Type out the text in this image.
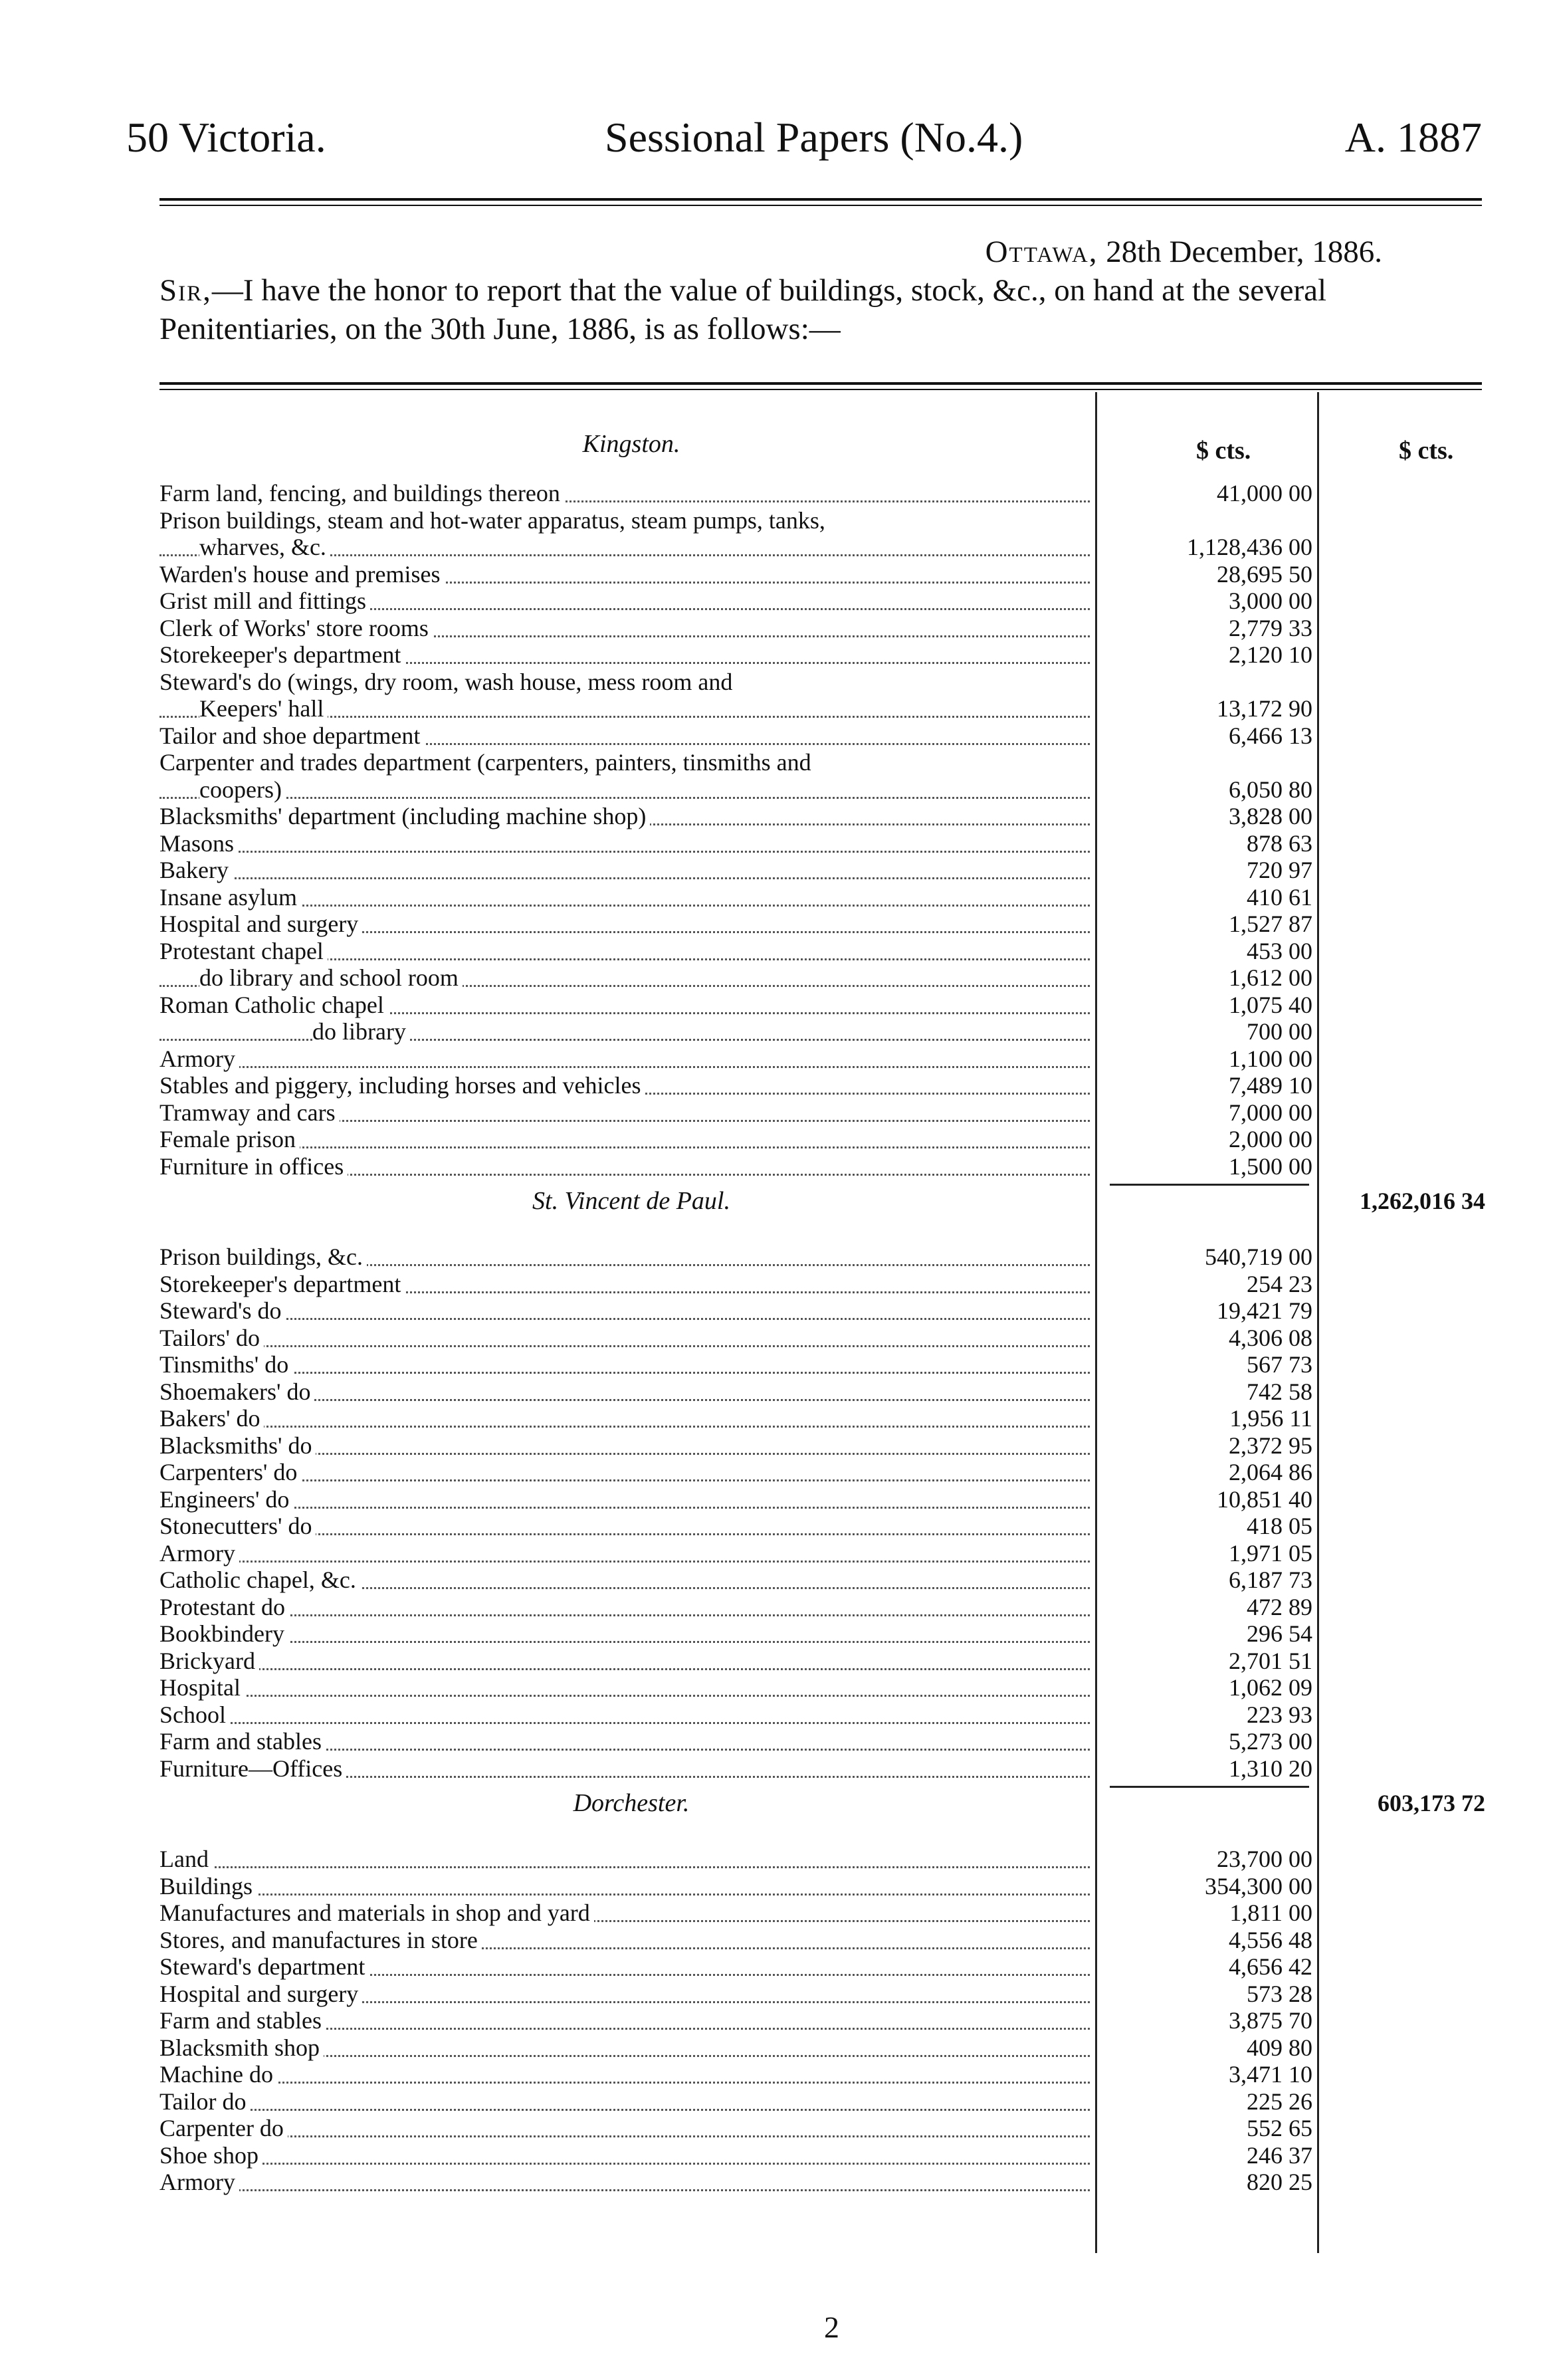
50 Victoria.	Sessional Papers (No.4.)	A. 1887
Ottawa, 28th December, 1886.
Sir,—I have the honor to report that the value of buildings, stock, &c., on hand at the several Penitentiaries, on the 30th June, 1886, is as follows:—
$ cts.	$ cts.
Kingston.
Farm land, fencing, and buildings thereon	41,000 00
Prison buildings, steam and hot-water apparatus, steam pumps, tanks,
wharves, &c.	1,128,436 00
Warden's house and premises	28,695 50
Grist mill and fittings	3,000 00
Clerk of Works' store rooms	2,779 33
Storekeeper's department	2,120 10
Steward's do (wings, dry room, wash house, mess room and
Keepers' hall	13,172 90
Tailor and shoe department	6,466 13
Carpenter and trades department (carpenters, painters, tinsmiths and
coopers)	6,050 80
Blacksmiths' department (including machine shop)	3,828 00
Masons	878 63
Bakery	720 97
Insane asylum	410 61
Hospital and surgery	1,527 87
Protestant chapel	453 00
do library and school room	1,612 00
Roman Catholic chapel	1,075 40
do library	700 00
Armory	1,100 00
Stables and piggery, including horses and vehicles	7,489 10
Tramway and cars	7,000 00
Female prison	2,000 00
Furniture in offices	1,500 00
1,262,016 34
St. Vincent de Paul.
Prison buildings, &c.	540,719 00
Storekeeper's department	254 23
Steward's do	19,421 79
Tailors' do	4,306 08
Tinsmiths' do	567 73
Shoemakers' do	742 58
Bakers' do	1,956 11
Blacksmiths' do	2,372 95
Carpenters' do	2,064 86
Engineers' do	10,851 40
Stonecutters' do	418 05
Armory	1,971 05
Catholic chapel, &c.	6,187 73
Protestant do	472 89
Bookbindery	296 54
Brickyard	2,701 51
Hospital	1,062 09
School	223 93
Farm and stables	5,273 00
Furniture—Offices	1,310 20
603,173 72
Dorchester.
Land	23,700 00
Buildings	354,300 00
Manufactures and materials in shop and yard	1,811 00
Stores, and manufactures in store	4,556 48
Steward's department	4,656 42
Hospital and surgery	573 28
Farm and stables	3,875 70
Blacksmith shop	409 80
Machine do	3,471 10
Tailor do	225 26
Carpenter do	552 65
Shoe shop	246 37
Armory	820 25
2
